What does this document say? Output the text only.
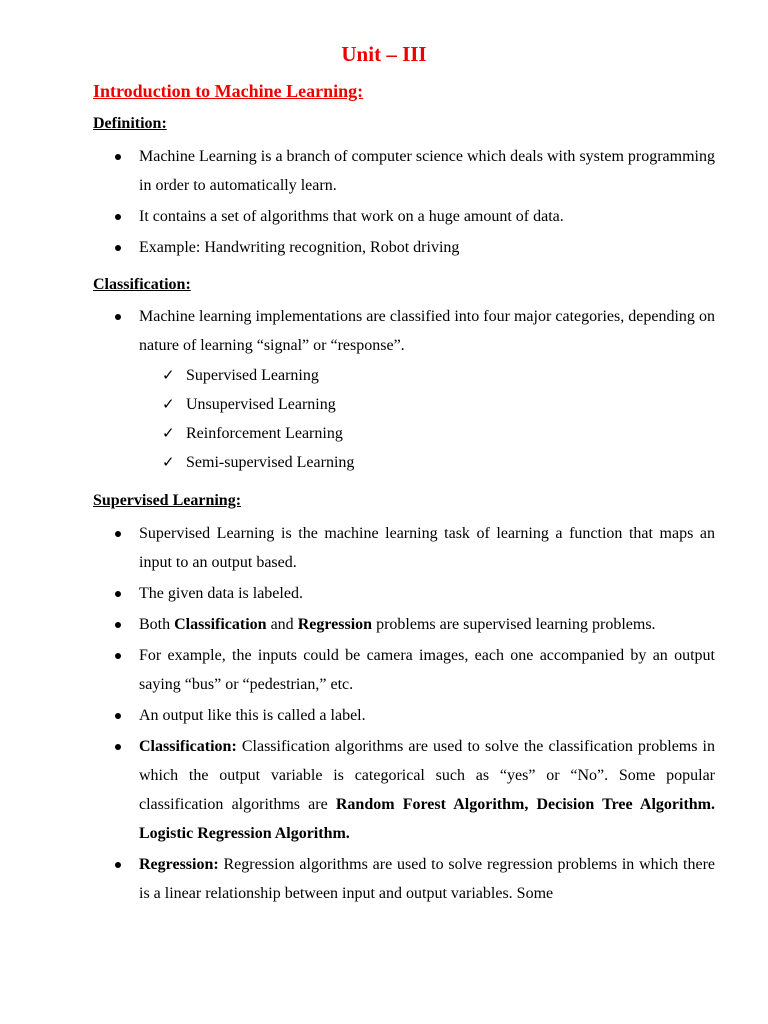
Unit – III
Introduction to Machine Learning:
Definition:
Machine Learning is a branch of computer science which deals with system programming in order to automatically learn.
It contains a set of algorithms that work on a huge amount of data.
Example: Handwriting recognition, Robot driving
Classification:
Machine learning implementations are classified into four major categories, depending on nature of learning “signal” or “response”.
✓ Supervised Learning
✓ Unsupervised Learning
✓ Reinforcement Learning
✓ Semi-supervised Learning
Supervised Learning:
Supervised Learning is the machine learning task of learning a function that maps an input to an output based.
The given data is labeled.
Both Classification and Regression problems are supervised learning problems.
For example, the inputs could be camera images, each one accompanied by an output saying “bus” or “pedestrian,” etc.
An output like this is called a label.
Classification: Classification algorithms are used to solve the classification problems in which the output variable is categorical such as “yes” or “No”. Some popular classification algorithms are Random Forest Algorithm, Decision Tree Algorithm. Logistic Regression Algorithm.
Regression: Regression algorithms are used to solve regression problems in which there is a linear relationship between input and output variables. Some
